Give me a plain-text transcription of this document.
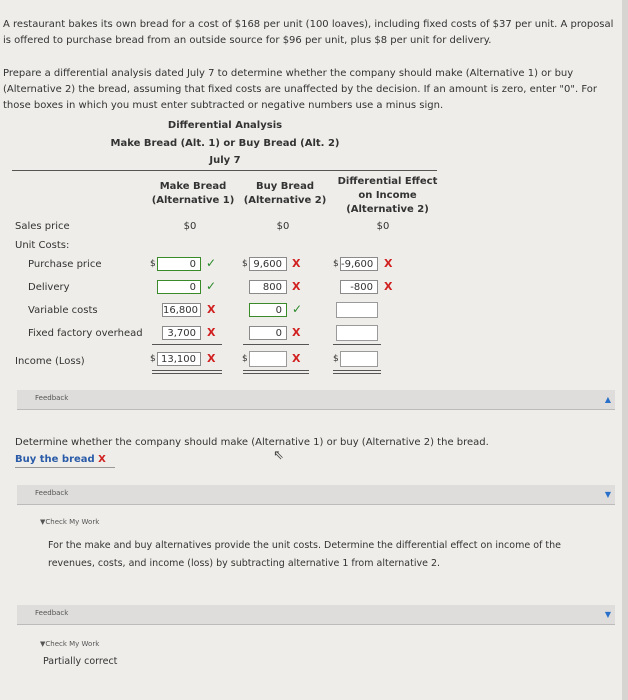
A restaurant bakes its own bread for a cost of $168 per unit (100 loaves), including fixed costs of $37 per unit. A proposal is offered to purchase bread from an outside source for $96 per unit, plus $8 per unit for delivery.
Prepare a differential analysis dated July 7 to determine whether the company should make (Alternative 1) or buy (Alternative 2) the bread, assuming that fixed costs are unaffected by the decision. If an amount is zero, enter "0". For those boxes in which you must enter subtracted or negative numbers use a minus sign.
Differential Analysis
Make Bread (Alt. 1) or Buy Bread (Alt. 2)
July 7
Make Bread
(Alternative 1)
Buy Bread
(Alternative 2)
Differential Effect
on Income
(Alternative 2)
Sales price	$0	$0	$0
Unit Costs:
Purchase price	$	0 ✓	$ 9,600 X	$ -9,600 X
Delivery	0 ✓	800 X	-800	X
Variable costs	16,800 X	0 ✓
Fixed factory overhead	3,700	X	0 X
Income (Loss)	$ 13,100	X	$	X	$
Feedback	▲
Determine whether the company should make (Alternative 1) or buy (Alternative 2) the bread.
Buy the bread X	⇖
Feedback	▼
▼Check My Work
For the make and buy alternatives provide the unit costs. Determine the differential effect on income of the revenues, costs, and income (loss) by subtracting alternative 1 from alternative 2.
Feedback	▼
▼Check My Work
Partially correct
